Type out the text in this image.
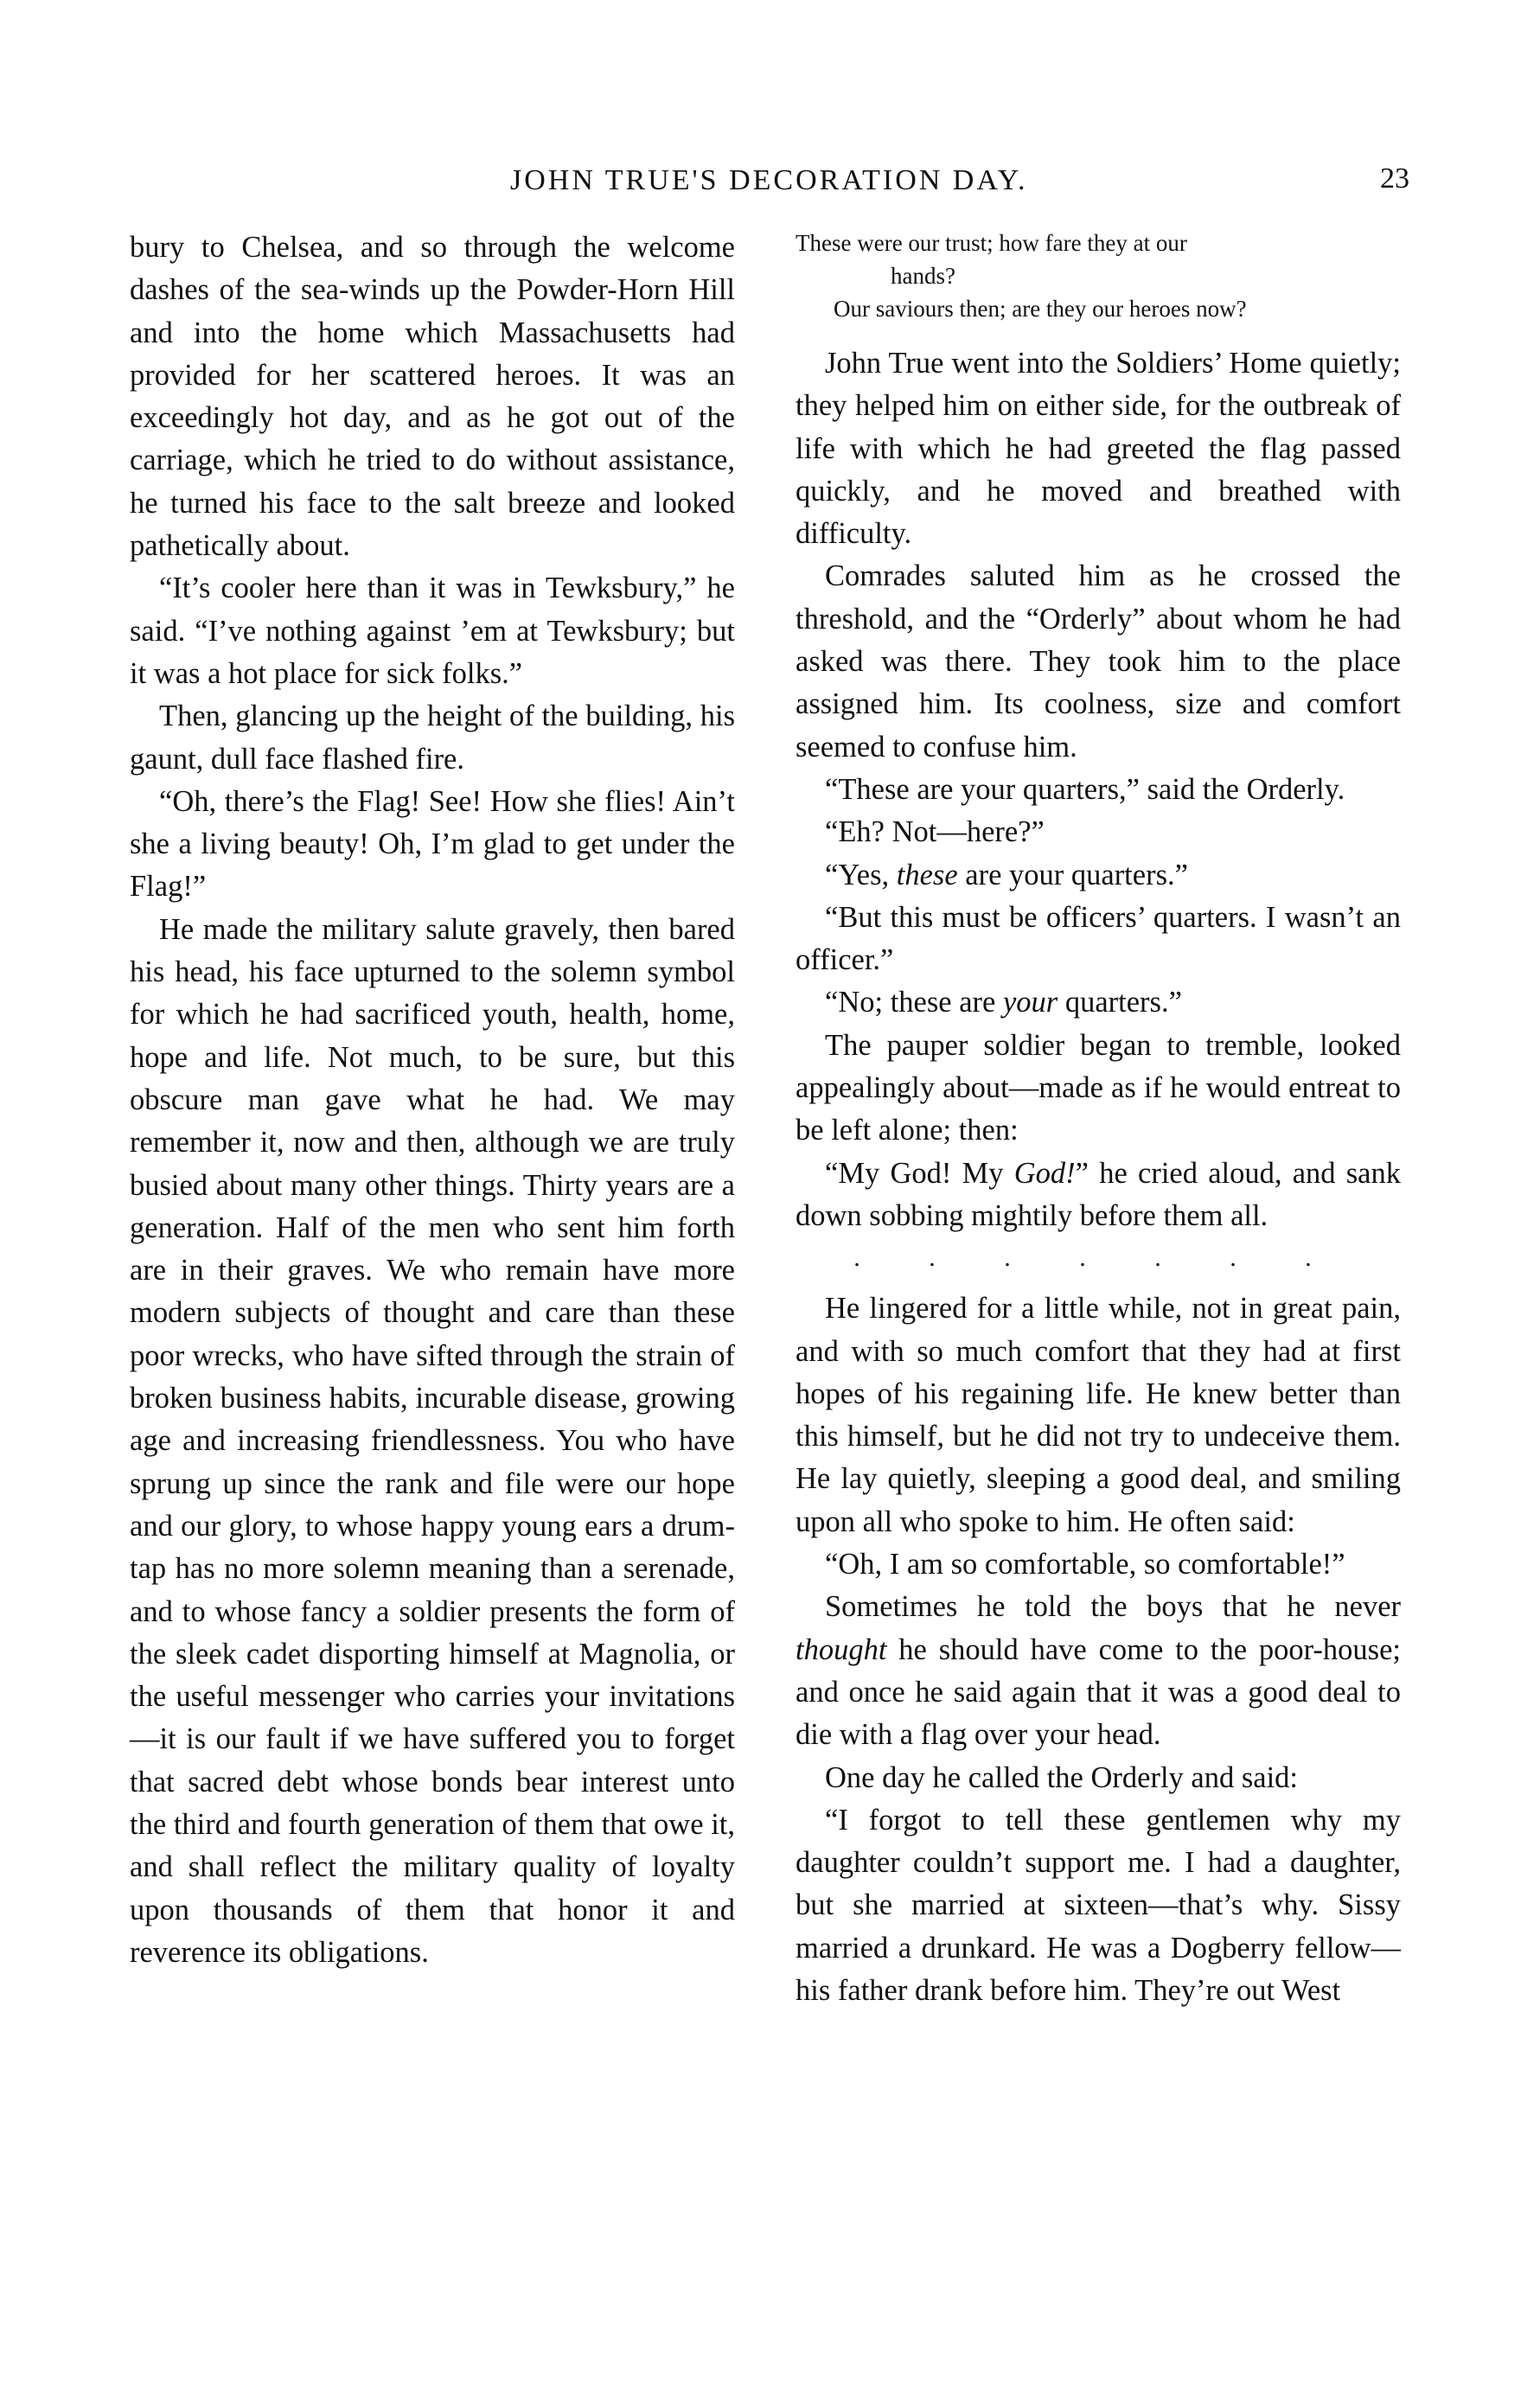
JOHN TRUE'S DECORATION DAY.	23

bury to Chelsea, and so through the welcome dashes of the sea-winds up the Powder-Horn Hill and into the home which Massachusetts had provided for her scattered heroes. It was an exceedingly hot day, and as he got out of the carriage, which he tried to do without assistance, he turned his face to the salt breeze and looked pathetically about.

“It’s cooler here than it was in Tewksbury,” he said. “I’ve nothing against ’em at Tewksbury; but it was a hot place for sick folks.”

Then, glancing up the height of the building, his gaunt, dull face flashed fire.

“Oh, there’s the Flag! See! How she flies! Ain’t she a living beauty! Oh, I’m glad to get under the Flag!”

He made the military salute gravely, then bared his head, his face upturned to the solemn symbol for which he had sacrificed youth, health, home, hope and life. Not much, to be sure, but this obscure man gave what he had. We may remember it, now and then, although we are truly busied about many other things. Thirty years are a generation. Half of the men who sent him forth are in their graves. We who remain have more modern subjects of thought and care than these poor wrecks, who have sifted through the strain of broken business habits, incurable disease, growing age and increasing friendlessness. You who have sprung up since the rank and file were our hope and our glory, to whose happy young ears a drum-tap has no more solemn meaning than a serenade, and to whose fancy a soldier presents the form of the sleek cadet disporting himself at Magnolia, or the useful messenger who carries your invitations—it is our fault if we have suffered you to forget that sacred debt whose bonds bear interest unto the third and fourth generation of them that owe it, and shall reflect the military quality of loyalty upon thousands of them that honor it and reverence its obligations.

These were our trust; how fare they at our
hands?
Our saviours then; are they our heroes now?

John True went into the Soldiers’ Home quietly; they helped him on either side, for the outbreak of life with which he had greeted the flag passed quickly, and he moved and breathed with difficulty.

Comrades saluted him as he crossed the threshold, and the “Orderly” about whom he had asked was there. They took him to the place assigned him. Its coolness, size and comfort seemed to confuse him.

“These are your quarters,” said the Orderly.

“Eh? Not—here?”

“Yes, these are your quarters.”

“But this must be officers’ quarters. I wasn’t an officer.”

“No; these are your quarters.”

The pauper soldier began to tremble, looked appealingly about—made as if he would entreat to be left alone; then:

“My God! My God!” he cried aloud, and sank down sobbing mightily before them all.

. . . . . . .

He lingered for a little while, not in great pain, and with so much comfort that they had at first hopes of his regaining life. He knew better than this himself, but he did not try to undeceive them. He lay quietly, sleeping a good deal, and smiling upon all who spoke to him. He often said:

“Oh, I am so comfortable, so comfortable!”

Sometimes he told the boys that he never thought he should have come to the poor-house; and once he said again that it was a good deal to die with a flag over your head.

One day he called the Orderly and said:

“I forgot to tell these gentlemen why my daughter couldn’t support me. I had a daughter, but she married at sixteen—that’s why. Sissy married a drunkard. He was a Dogberry fellow—his father drank before him. They’re out West
